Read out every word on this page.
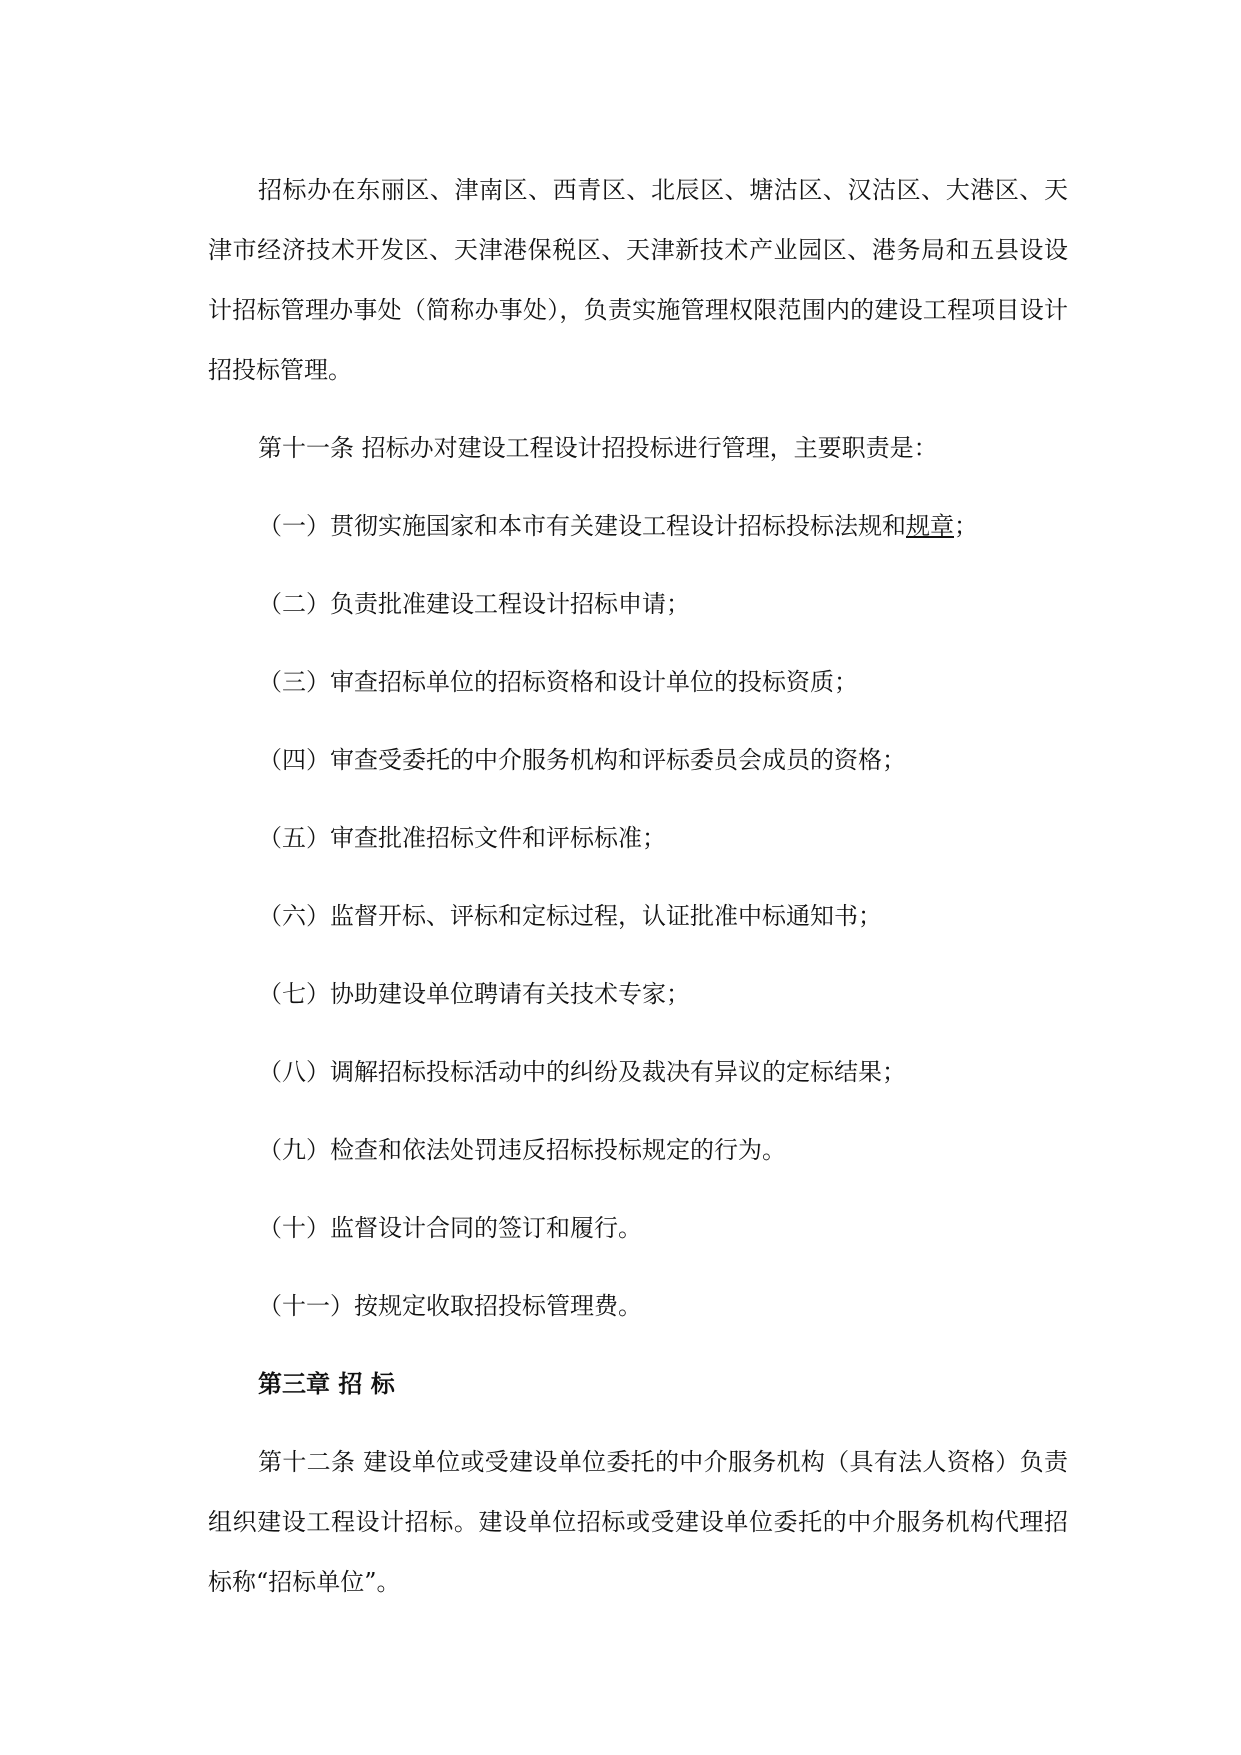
招标办在东丽区、津南区、西青区、北辰区、塘沽区、汉沽区、大港区、天津市经济技术开发区、天津港保税区、天津新技术产业园区、港务局和五县设设计招标管理办事处（简称办事处），负责实施管理权限范围内的建设工程项目设计招投标管理。

第十一条 招标办对建设工程设计招投标进行管理，主要职责是：

（一）贯彻实施国家和本市有关建设工程设计招标投标法规和规章；
（二）负责批准建设工程设计招标申请；
（三）审查招标单位的招标资格和设计单位的投标资质；
（四）审查受委托的中介服务机构和评标委员会成员的资格；
（五）审查批准招标文件和评标标准；
（六）监督开标、评标和定标过程，认证批准中标通知书；
（七）协助建设单位聘请有关技术专家；
（八）调解招标投标活动中的纠纷及裁决有异议的定标结果；
（九）检查和依法处罚违反招标投标规定的行为。
（十）监督设计合同的签订和履行。
（十一）按规定收取招投标管理费。
第三章 招 标

第十二条 建设单位或受建设单位委托的中介服务机构（具有法人资格）负责组织建设工程设计招标。建设单位招标或受建设单位委托的中介服务机构代理招标称“招标单位”。
